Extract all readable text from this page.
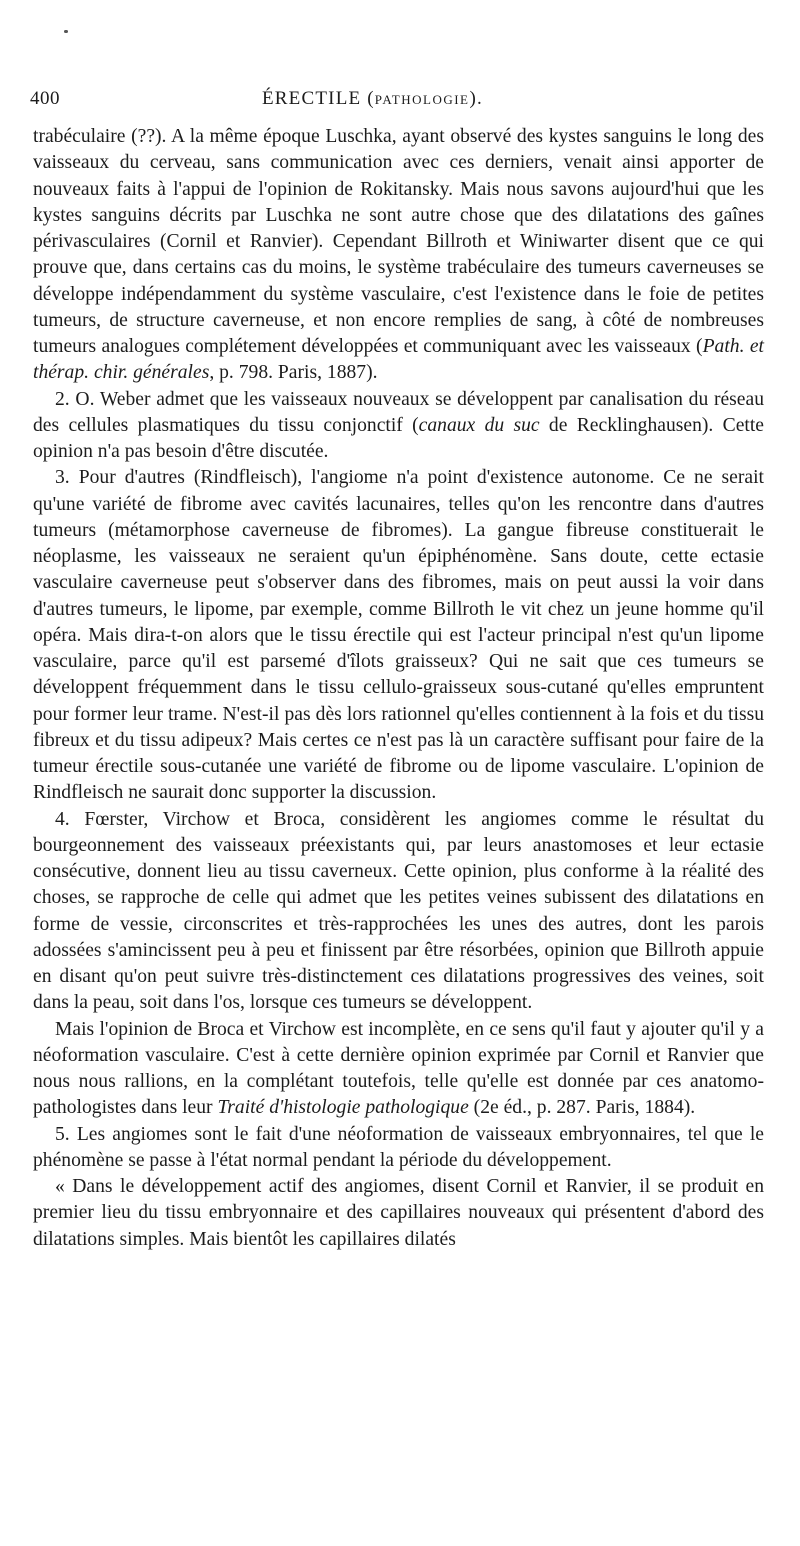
400	ÉRECTILE (PATHOLOGIE).

trabéculaire (??). A la même époque Luschka, ayant observé des kystes sanguins le long des vaisseaux du cerveau, sans communication avec ces derniers, venait ainsi apporter de nouveaux faits à l'appui de l'opinion de Rokitansky. Mais nous savons aujourd'hui que les kystes sanguins décrits par Luschka ne sont autre chose que des dilatations des gaînes périvasculaires (Cornil et Ranvier). Cependant Billroth et Winiwarter disent que ce qui prouve que, dans certains cas du moins, le système trabéculaire des tumeurs caverneuses se développe indépendamment du système vasculaire, c'est l'existence dans le foie de petites tumeurs, de structure caverneuse, et non encore remplies de sang, à côté de nombreuses tumeurs analogues complétement développées et communiquant avec les vaisseaux (Path. et thérap. chir. générales, p. 798. Paris, 1887).

2. O. Weber admet que les vaisseaux nouveaux se développent par canalisation du réseau des cellules plasmatiques du tissu conjonctif (canaux du suc de Recklinghausen). Cette opinion n'a pas besoin d'être discutée.

3. Pour d'autres (Rindfleisch), l'angiome n'a point d'existence autonome. Ce ne serait qu'une variété de fibrome avec cavités lacunaires, telles qu'on les rencontre dans d'autres tumeurs (métamorphose caverneuse de fibromes). La gangue fibreuse constituerait le néoplasme, les vaisseaux ne seraient qu'un épiphénomène. Sans doute, cette ectasie vasculaire caverneuse peut s'observer dans des fibromes, mais on peut aussi la voir dans d'autres tumeurs, le lipome, par exemple, comme Billroth le vit chez un jeune homme qu'il opéra. Mais dira-t-on alors que le tissu érectile qui est l'acteur principal n'est qu'un lipome vasculaire, parce qu'il est parsemé d'îlots graisseux? Qui ne sait que ces tumeurs se développent fréquemment dans le tissu cellulo-graisseux sous-cutané qu'elles empruntent pour former leur trame. N'est-il pas dès lors rationnel qu'elles contiennent à la fois et du tissu fibreux et du tissu adipeux? Mais certes ce n'est pas là un caractère suffisant pour faire de la tumeur érectile sous-cutanée une variété de fibrome ou de lipome vasculaire. L'opinion de Rindfleisch ne saurait donc supporter la discussion.

4. Fœrster, Virchow et Broca, considèrent les angiomes comme le résultat du bourgeonnement des vaisseaux préexistants qui, par leurs anastomoses et leur ectasie consécutive, donnent lieu au tissu caverneux. Cette opinion, plus conforme à la réalité des choses, se rapproche de celle qui admet que les petites veines subissent des dilatations en forme de vessie, circonscrites et très-rapprochées les unes des autres, dont les parois adossées s'amincissent peu à peu et finissent par être résorbées, opinion que Billroth appuie en disant qu'on peut suivre très-distinctement ces dilatations progressives des veines, soit dans la peau, soit dans l'os, lorsque ces tumeurs se développent.

Mais l'opinion de Broca et Virchow est incomplète, en ce sens qu'il faut y ajouter qu'il y a néoformation vasculaire. C'est à cette dernière opinion exprimée par Cornil et Ranvier que nous nous rallions, en la complétant toutefois, telle qu'elle est donnée par ces anatomo-pathologistes dans leur Traité d'histologie pathologique (2e éd., p. 287. Paris, 1884).

5. Les angiomes sont le fait d'une néoformation de vaisseaux embryonnaires, tel que le phénomène se passe à l'état normal pendant la période du développement.

« Dans le développement actif des angiomes, disent Cornil et Ranvier, il se produit en premier lieu du tissu embryonnaire et des capillaires nouveaux qui présentent d'abord des dilatations simples. Mais bientôt les capillaires dilatés
